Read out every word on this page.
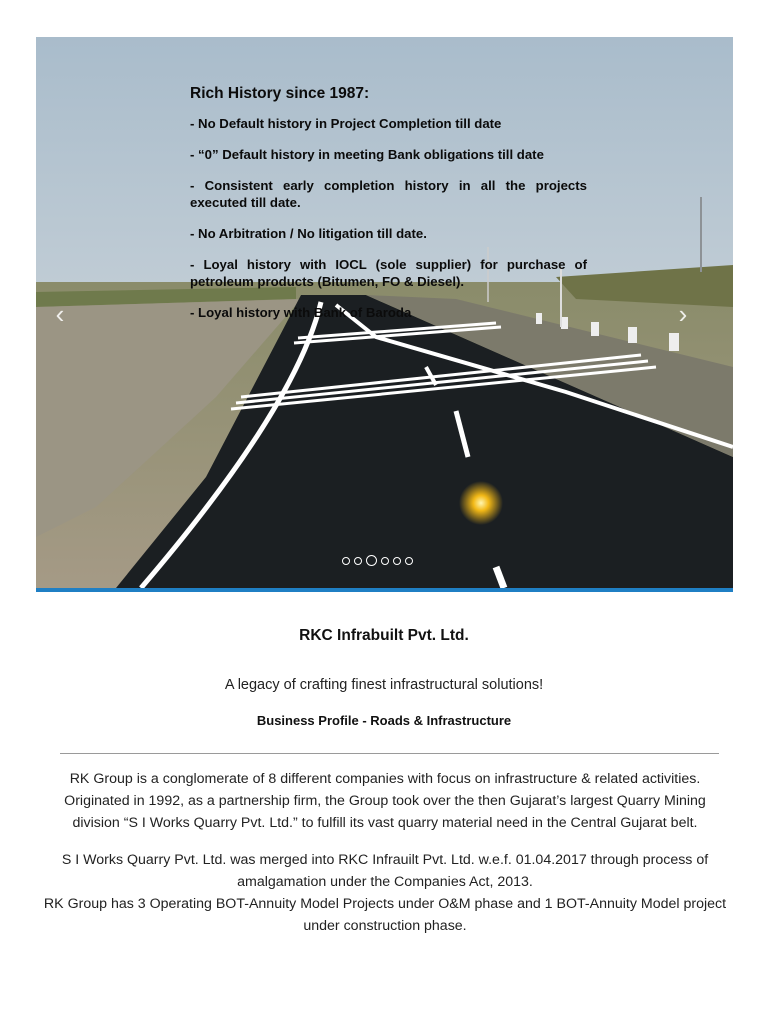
Rich History since 1987:
- No Default history in Project Completion till date
- “0” Default history in meeting Bank obligations till date
- Consistent early completion history in all the projects executed till date.
- No Arbitration / No litigation till date.
- Loyal history with IOCL (sole supplier) for purchase of petroleum products (Bitumen, FO & Diesel).
- Loyal history with Bank of Baroda
‹	›
RKC Infrabuilt Pvt. Ltd.
A legacy of crafting finest infrastructural solutions!
Business Profile - Roads & Infrastructure

RK Group is a conglomerate of 8 different companies with focus on infrastructure & related activities. Originated in 1992, as a partnership firm, the Group took over the then Gujarat’s largest Quarry Mining division “S I Works Quarry Pvt. Ltd.” to fulfill its vast quarry material need in the Central Gujarat belt.

S I Works Quarry Pvt. Ltd. was merged into RKC Infrauilt Pvt. Ltd. w.e.f. 01.04.2017 through process of amalgamation under the Companies Act, 2013.
RK Group has 3 Operating BOT-Annuity Model Projects under O&M phase and 1 BOT-Annuity Model project under construction phase.
